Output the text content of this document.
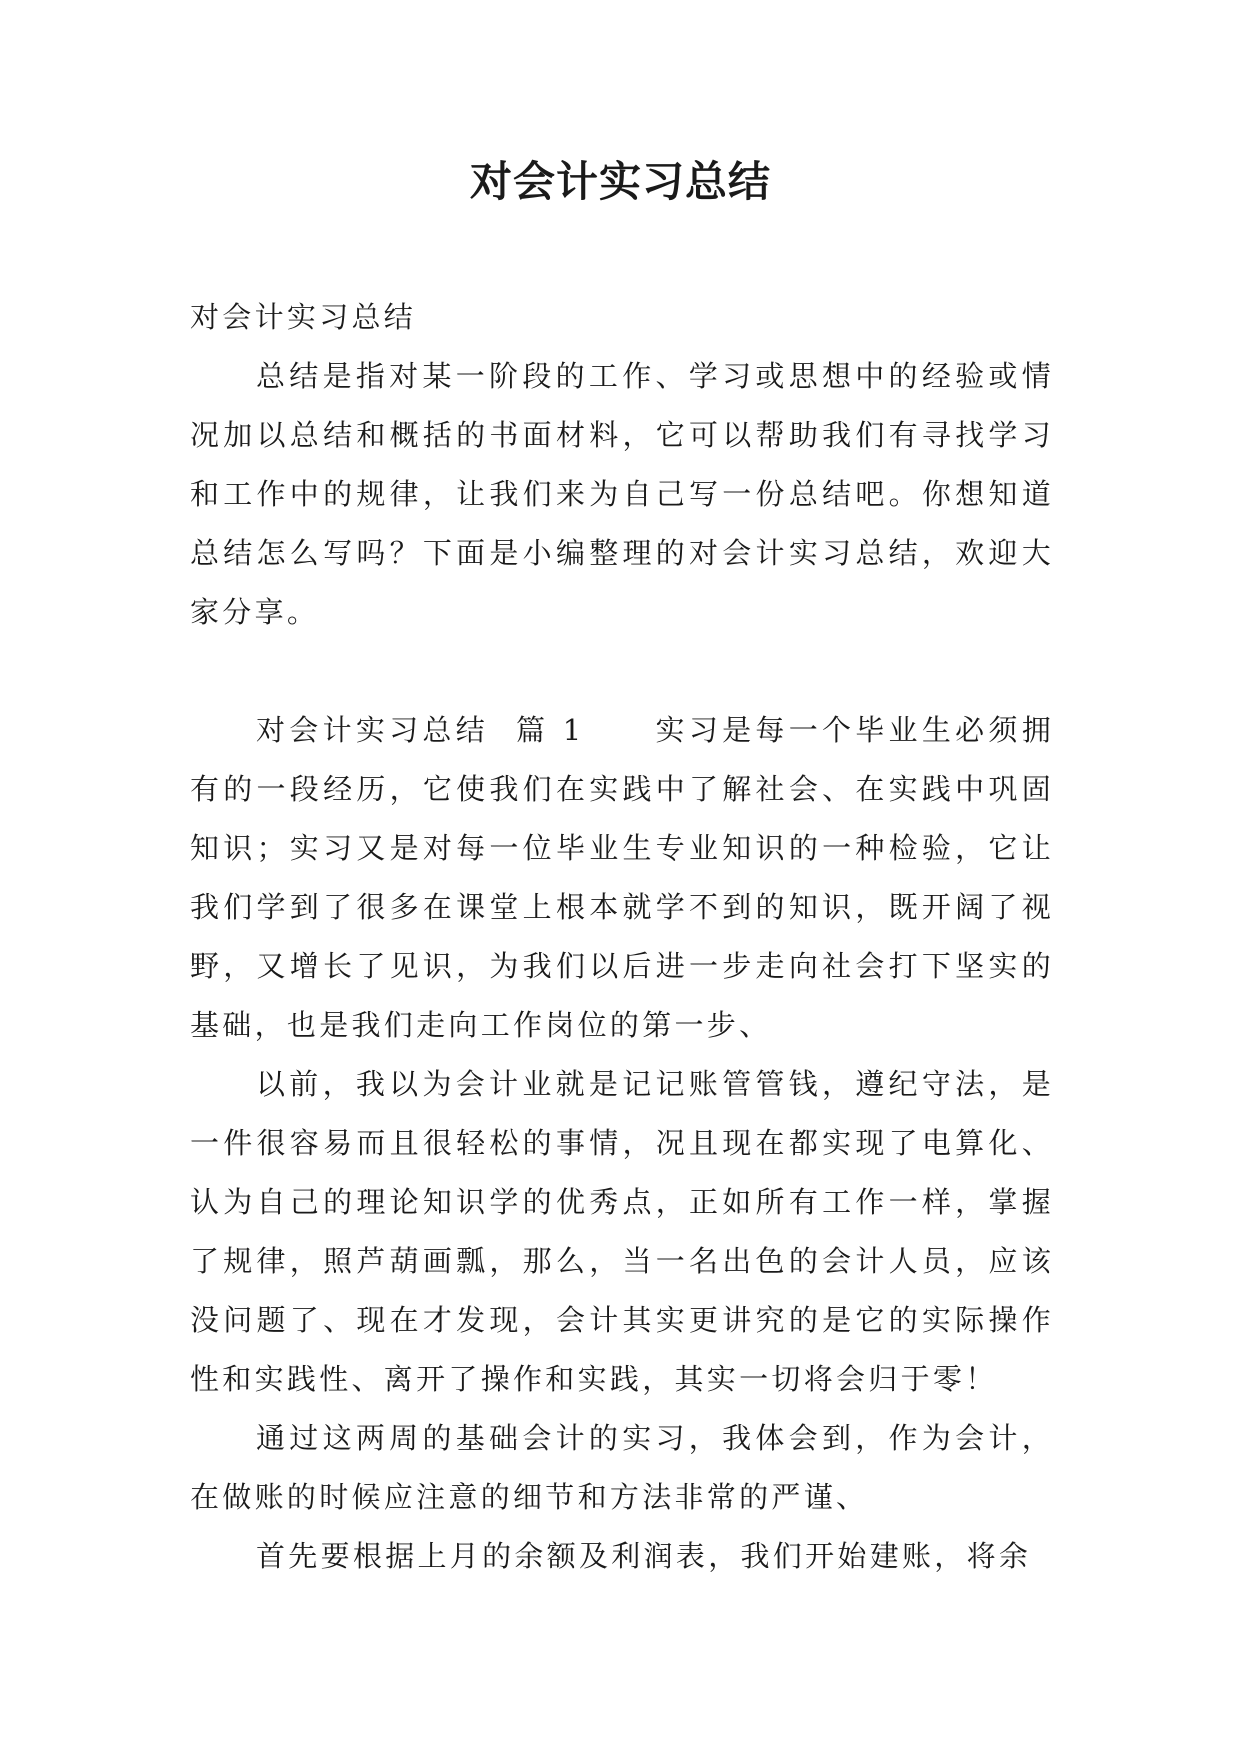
对会计实习总结

对会计实习总结

总结是指对某一阶段的工作、学习或思想中的经验或情况加以总结和概括的书面材料，它可以帮助我们有寻找学习和工作中的规律，让我们来为自己写一份总结吧。你想知道总结怎么写吗？下面是小编整理的对会计实习总结，欢迎大家分享。

对会计实习总结  篇 1 实习是每一个毕业生必须拥有的一段经历，它使我们在实践中了解社会、在实践中巩固知识；实习又是对每一位毕业生专业知识的一种检验，它让我们学到了很多在课堂上根本就学不到的知识，既开阔了视野，又增长了见识，为我们以后进一步走向社会打下坚实的基础，也是我们走向工作岗位的第一步、

以前，我以为会计业就是记记账管管钱，遵纪守法，是一件很容易而且很轻松的事情，况且现在都实现了电算化、认为自己的理论知识学的优秀点，正如所有工作一样，掌握了规律，照芦葫画瓢，那么，当一名出色的会计人员，应该没问题了、现在才发现，会计其实更讲究的是它的实际操作性和实践性、离开了操作和实践，其实一切将会归于零！

通过这两周的基础会计的实习，我体会到，作为会计，在做账的时候应注意的细节和方法非常的严谨、

首先要根据上月的余额及利润表，我们开始建账，将余
